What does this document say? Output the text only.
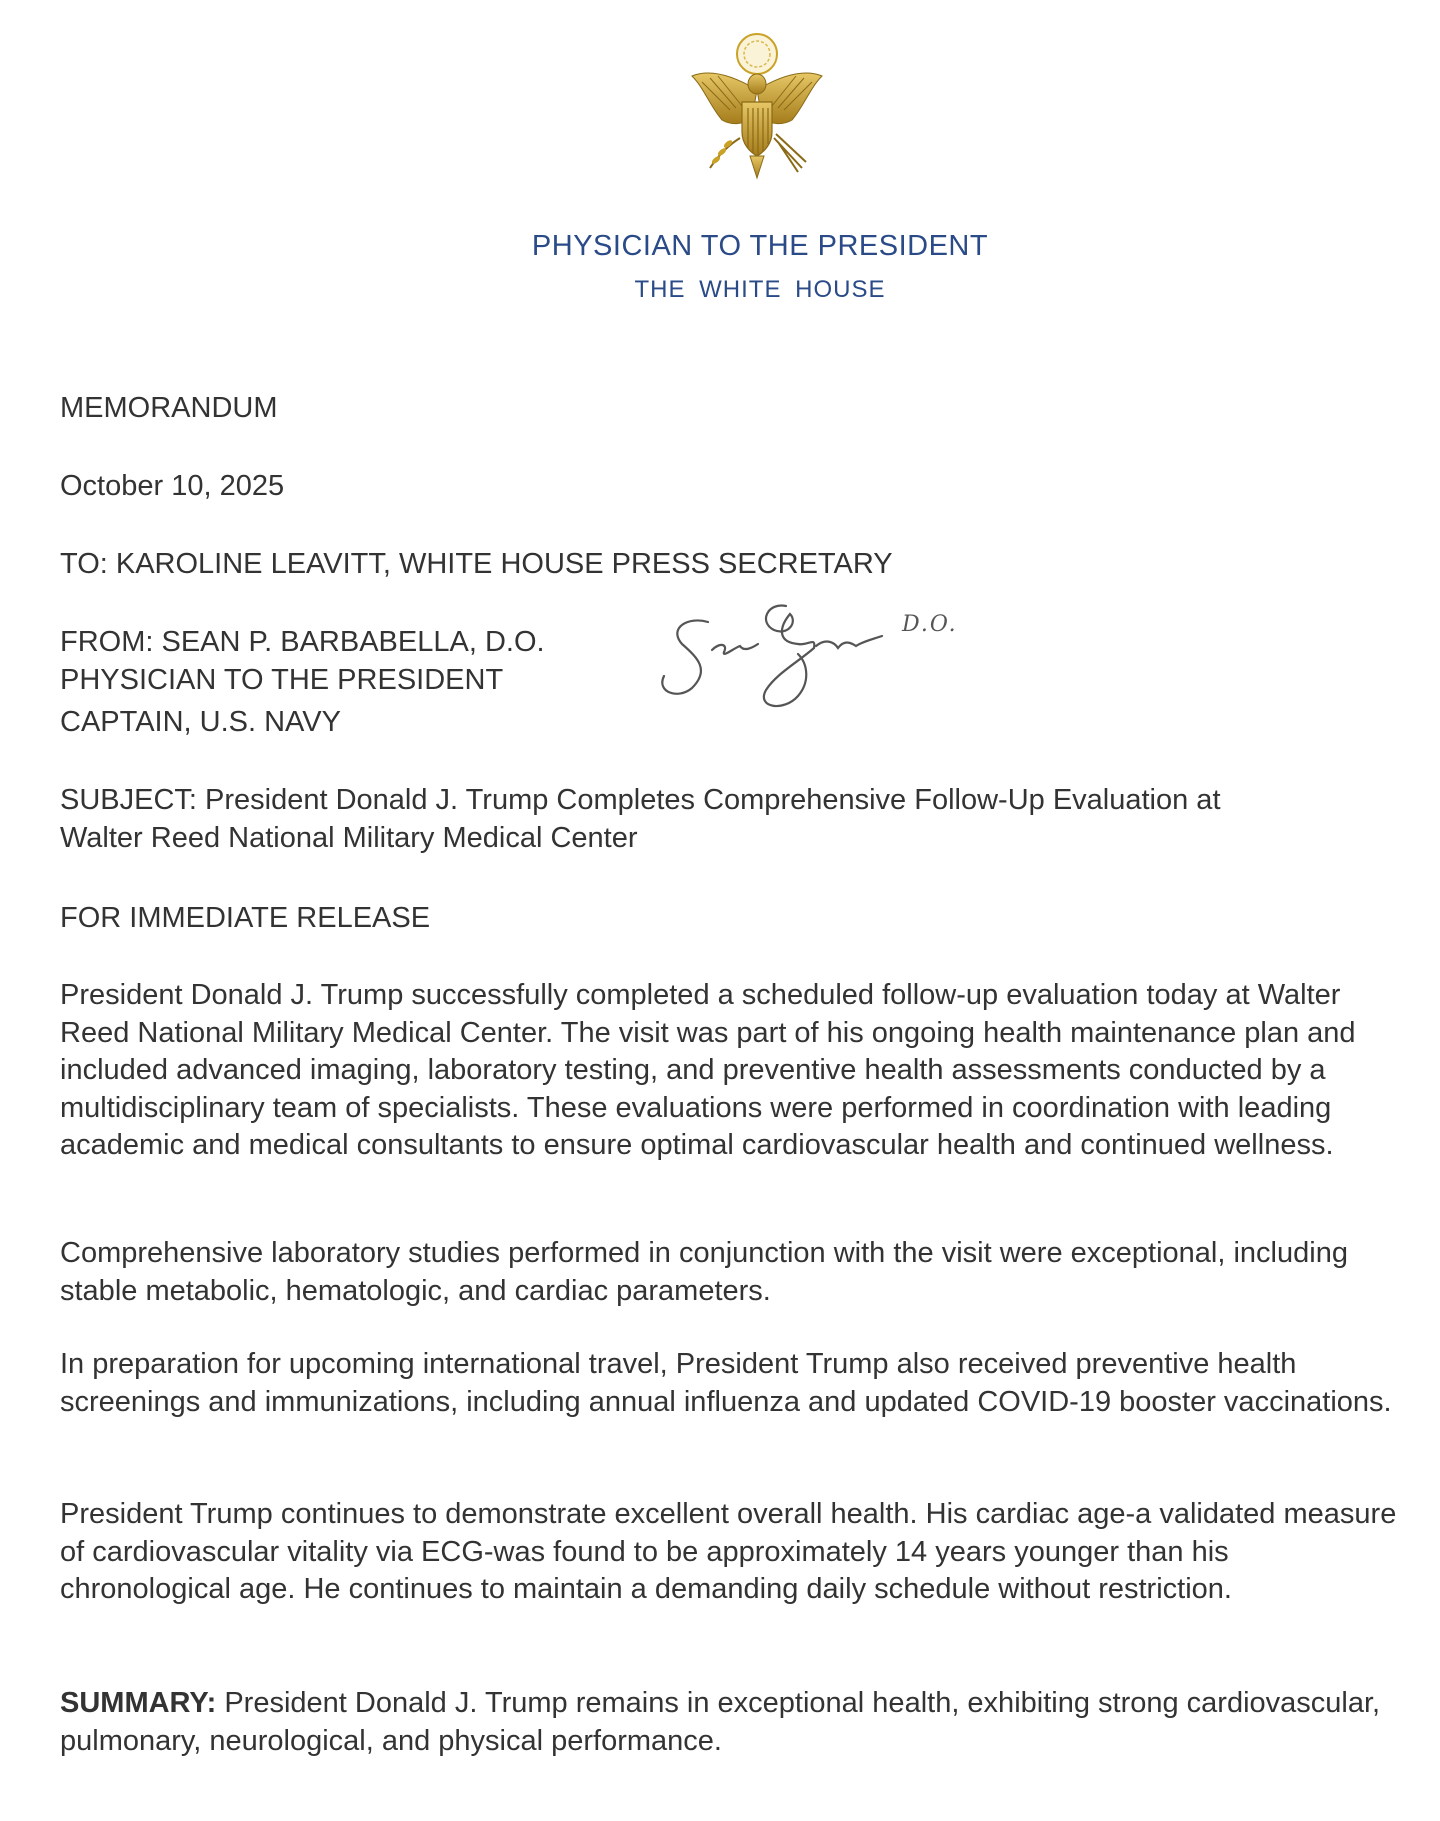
PHYSICIAN TO THE PRESIDENT
THE WHITE HOUSE
MEMORANDUM
October 10, 2025
TO: KAROLINE LEAVITT, WHITE HOUSE PRESS SECRETARY
FROM: SEAN P. BARBABELLA, D.O.
PHYSICIAN TO THE PRESIDENT
CAPTAIN, U.S. NAVY
D.O.
SUBJECT: President Donald J. Trump Completes Comprehensive Follow-Up Evaluation at
Walter Reed National Military Medical Center
FOR IMMEDIATE RELEASE
President Donald J. Trump successfully completed a scheduled follow-up evaluation today at Walter Reed National Military Medical Center. The visit was part of his ongoing health maintenance plan and included advanced imaging, laboratory testing, and preventive health assessments conducted by a multidisciplinary team of specialists. These evaluations were performed in coordination with leading academic and medical consultants to ensure optimal cardiovascular health and continued wellness.
Comprehensive laboratory studies performed in conjunction with the visit were exceptional, including stable metabolic, hematologic, and cardiac parameters.
In preparation for upcoming international travel, President Trump also received preventive health screenings and immunizations, including annual influenza and updated COVID-19 booster vaccinations.
President Trump continues to demonstrate excellent overall health. His cardiac age-a validated measure of cardiovascular vitality via ECG-was found to be approximately 14 years younger than his chronological age. He continues to maintain a demanding daily schedule without restriction.
SUMMARY: President Donald J. Trump remains in exceptional health, exhibiting strong cardiovascular, pulmonary, neurological, and physical performance.
